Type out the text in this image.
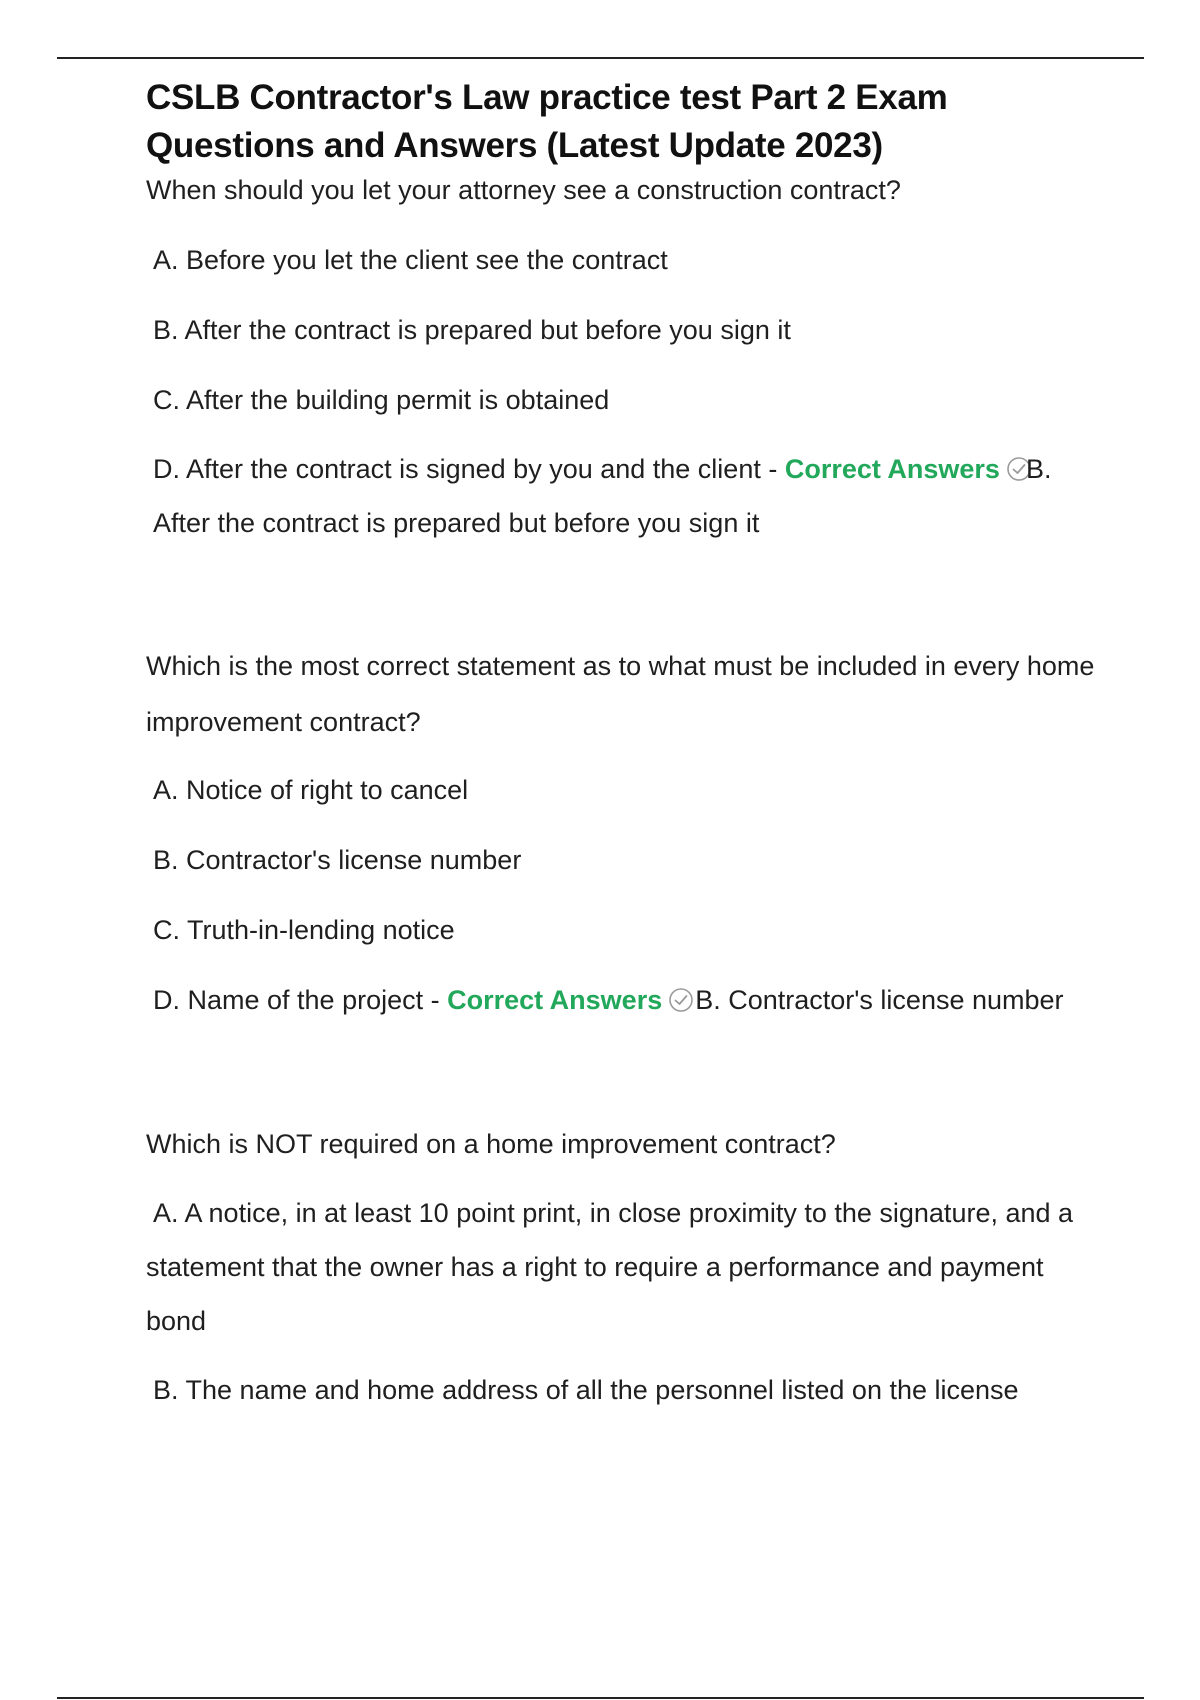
CSLB Contractor's Law practice test Part 2 Exam Questions and Answers (Latest Update 2023)

When should you let your attorney see a construction contract?

A. Before you let the client see the contract

B. After the contract is prepared but before you sign it

C. After the building permit is obtained

D. After the contract is signed by you and the client - Correct Answers B. After the contract is prepared but before you sign it

Which is the most correct statement as to what must be included in every home improvement contract?

A. Notice of right to cancel

B. Contractor's license number

C. Truth-in-lending notice

D. Name of the project - Correct Answers B. Contractor's license number

Which is NOT required on a home improvement contract?

A. A notice, in at least 10 point print, in close proximity to the signature, and a statement that the owner has a right to require a performance and payment bond

B. The name and home address of all the personnel listed on the license
